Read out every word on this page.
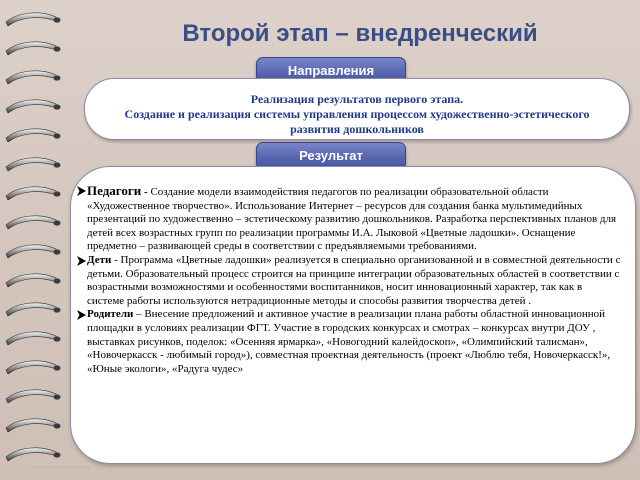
Второй этап – внедренческий
Направления
Реализация результатов первого этапа.
Создание и реализация системы управления процессом художественно-эстетического развития дошкольников
Результат

Педагоги - Создание модели взаимодействия педагогов по реализации образовательной области «Художественное творчество». Использование Интернет – ресурсов для создания банка мультимедийных презентаций по художественно – эстетическому развитию дошкольников. Разработка перспективных планов для детей всех возрастных групп по реализации программы И.А. Лыковой «Цветные ладошки». Оснащение предметно – развивающей среды в соответствии с предъявляемыми требованиями.

Дети - Программа «Цветные ладошки» реализуется в специально организованной и в совместной деятельности с детьми. Образовательный процесс строится на принципе интеграции образовательных областей в соответствии с возрастными возможностями и особенностями воспитанников, носит инновационный характер, так как в системе работы используются нетрадиционные методы и способы развития творчества детей .

Родители – Внесение предложений и активное участие в реализации плана работы областной инновационной площадки в условиях реализации ФГТ. Участие в городских конкурсах и смотрах – конкурсах внутри ДОУ , выставках рисунков, поделок: «Осенняя ярмарка», «Новогодний калейдоскоп», «Олимпийский талисман», «Новочеркасск - любимый город»), совместная проектная деятельность (проект «Люблю тебя, Новочеркасск!», «Юные экологи», «Радуга чудес»
